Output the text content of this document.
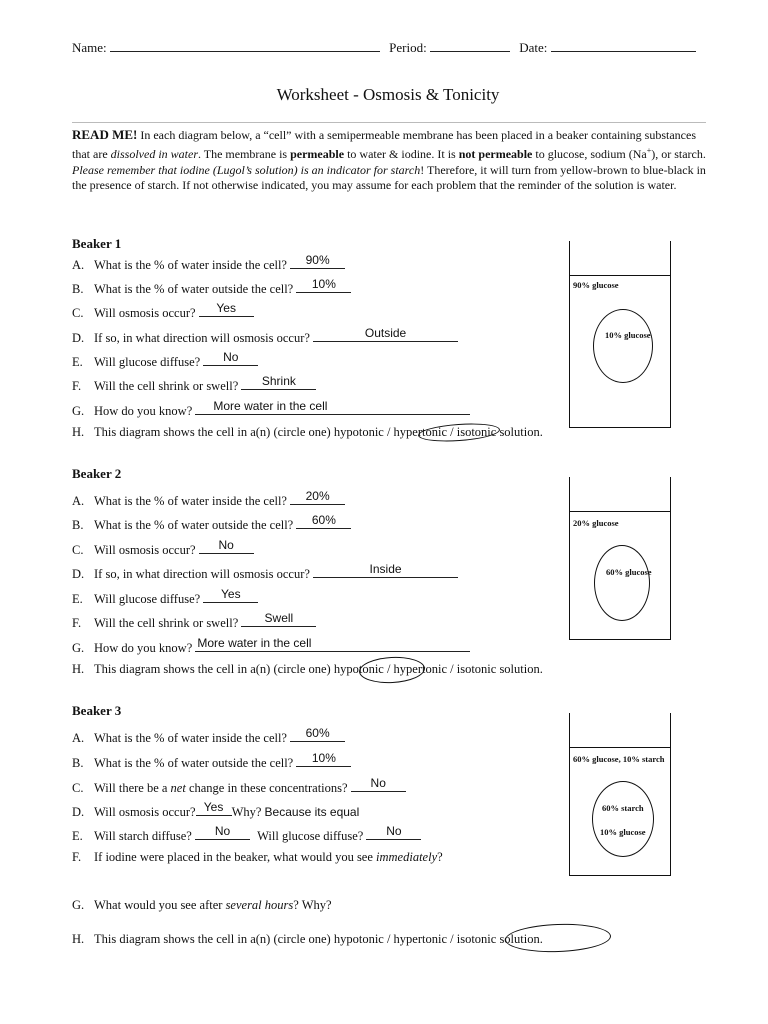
Name:	Period:	Date:
Worksheet - Osmosis & Tonicity
READ ME! In each diagram below, a “cell” with a semipermeable membrane has been placed in a beaker containing substances that are dissolved in water. The membrane is permeable to water & iodine. It is not permeable to glucose, sodium (Na+), or starch. Please remember that iodine (Lugol’s solution) is an indicator for starch! Therefore, it will turn from yellow-brown to blue-black in the presence of starch. If not otherwise indicated, you may assume for each problem that the reminder of the solution is water.
Beaker 1
A. What is the % of water inside the cell?	90%
B. What is the % of water outside the cell?	10%
C. Will osmosis occur?	Yes
D. If so, in what direction will osmosis occur?	Outside
E. Will glucose diffuse?	No
F. Will the cell shrink or swell?	Shrink
G. How do you know? More water in the cell
H. This diagram shows the cell in a(n) (circle one) hypotonic / hypertonic / isotonic solution.
90% glucose
10% glucose
Beaker 2
A. What is the % of water inside the cell?	20%
B. What is the % of water outside the cell?	60%
C. Will osmosis occur?	No
D. If so, in what direction will osmosis occur?	Inside
E. Will glucose diffuse?	Yes
F. Will the cell shrink or swell?	Swell
G. How do you know? More water in the cell
H. This diagram shows the cell in a(n) (circle one) hypotonic / hypertonic / isotonic solution.
20% glucose
60% glucose
Beaker 3
A. What is the % of water inside the cell?	60%
B. What is the % of water outside the cell?	10%
C. Will there be a net change in these concentrations?	No
D. Will osmosis occur? Yes Why? Because its equal
E. Will starch diffuse?	No	Will glucose diffuse?	No
F. If iodine were placed in the beaker, what would you see immediately?
G. What would you see after several hours? Why?
H. This diagram shows the cell in a(n) (circle one) hypotonic / hypertonic / isotonic solution.
60% glucose, 10% starch
60% starch
10% glucose
